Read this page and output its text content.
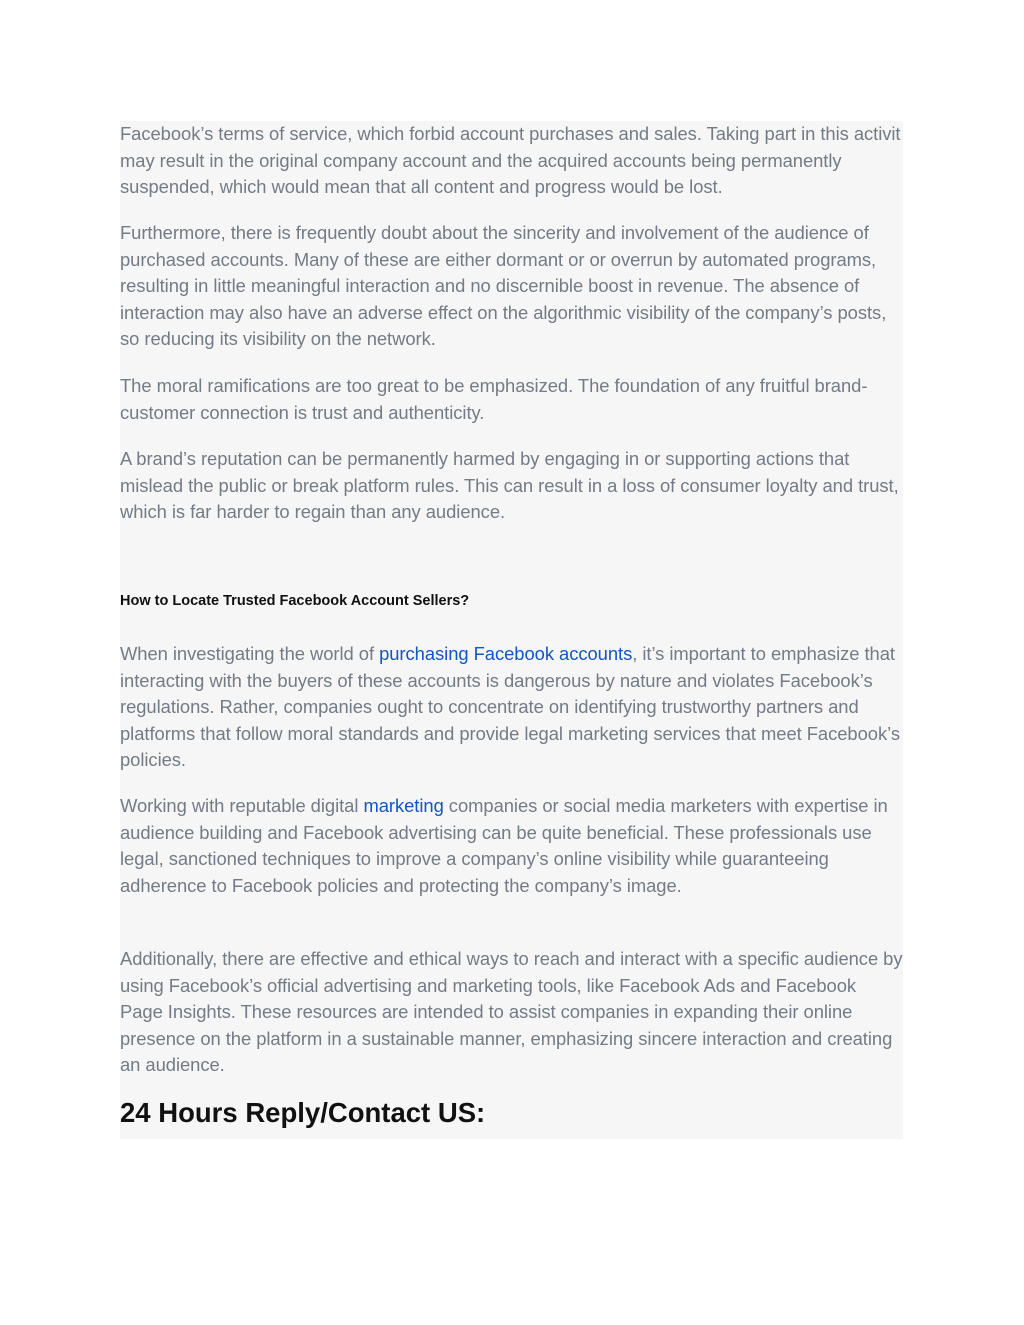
Facebook’s terms of service, which forbid account purchases and sales. Taking part in this activit may result in the original company account and the acquired accounts being permanently suspended, which would mean that all content and progress would be lost.

Furthermore, there is frequently doubt about the sincerity and involvement of the audience of purchased accounts. Many of these are either dormant or or overrun by automated programs, resulting in little meaningful interaction and no discernible boost in revenue. The absence of interaction may also have an adverse effect on the algorithmic visibility of the company’s posts, so reducing its visibility on the network.

The moral ramifications are too great to be emphasized. The foundation of any fruitful brand-customer connection is trust and authenticity.

A brand’s reputation can be permanently harmed by engaging in or supporting actions that mislead the public or break platform rules. This can result in a loss of consumer loyalty and trust, which is far harder to regain than any audience.

How to Locate Trusted Facebook Account Sellers?

When investigating the world of purchasing Facebook accounts, it’s important to emphasize that interacting with the buyers of these accounts is dangerous by nature and violates Facebook’s regulations. Rather, companies ought to concentrate on identifying trustworthy partners and platforms that follow moral standards and provide legal marketing services that meet Facebook’s policies.

Working with reputable digital marketing companies or social media marketers with expertise in audience building and Facebook advertising can be quite beneficial. These professionals use legal, sanctioned techniques to improve a company’s online visibility while guaranteeing adherence to Facebook policies and protecting the company’s image.

Additionally, there are effective and ethical ways to reach and interact with a specific audience by using Facebook’s official advertising and marketing tools, like Facebook Ads and Facebook Page Insights. These resources are intended to assist companies in expanding their online presence on the platform in a sustainable manner, emphasizing sincere interaction and creating an audience.

24 Hours Reply/Contact US:
